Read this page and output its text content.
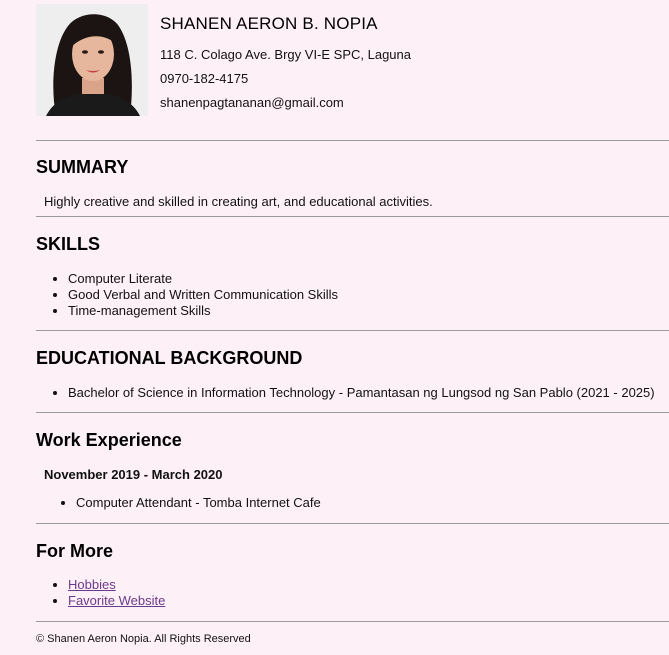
SHANEN AERON B. NOPIA
118 C. Colago Ave. Brgy VI-E SPC, Laguna
0970-182-4175
shanenpagtananan@gmail.com
SUMMARY
Highly creative and skilled in creating art, and educational activities.
SKILLS
• Computer Literate
• Good Verbal and Written Communication Skills
• Time-management Skills
EDUCATIONAL BACKGROUND
• Bachelor of Science in Information Technology - Pamantasan ng Lungsod ng San Pablo (2021 - 2025)
Work Experience
November 2019 - March 2020
• Computer Attendant - Tomba Internet Cafe
For More
• Hobbies
• Favorite Website
© Shanen Aeron Nopia. All Rights Reserved
